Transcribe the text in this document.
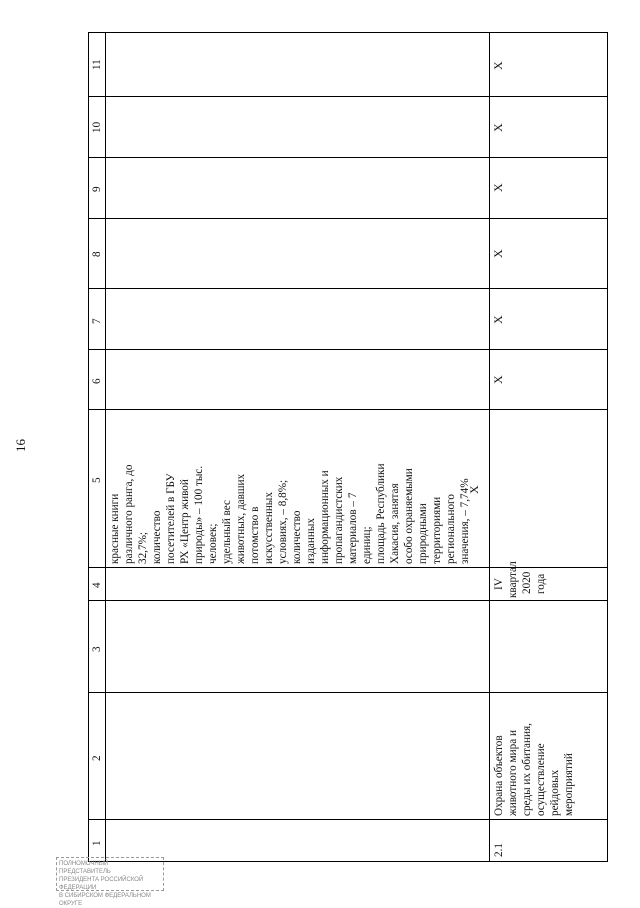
16
11
10
9
8
7
6
5
4
3
2
1
красные книги различного ранга, до 32,7%; количество посетителей в ГБУ РХ «Центр живой природы» – 100 тыс. человек; удельный вес животных, давших потомство в искусственных условиях, – 8,8%; количество изданных информационных и пропагандистских материалов – 7 единиц; площадь Республики Хакасия, занятая особо охраняемыми природными территориями регионального значения, – 7,74%
2.1
Охрана объектов животного мира и среды их обитания, осуществление рейдовых мероприятий
IV квартал 2020 года
Х
Х
Х
Х
Х
Х
Х
ПОЛНОМОЧНЫЙ ПРЕДСТАВИТЕЛЬ
ПРЕЗИДЕНТА РОССИЙСКОЙ ФЕДЕРАЦИИ
В СИБИРСКОМ ФЕДЕРАЛЬНОМ ОКРУГЕ
